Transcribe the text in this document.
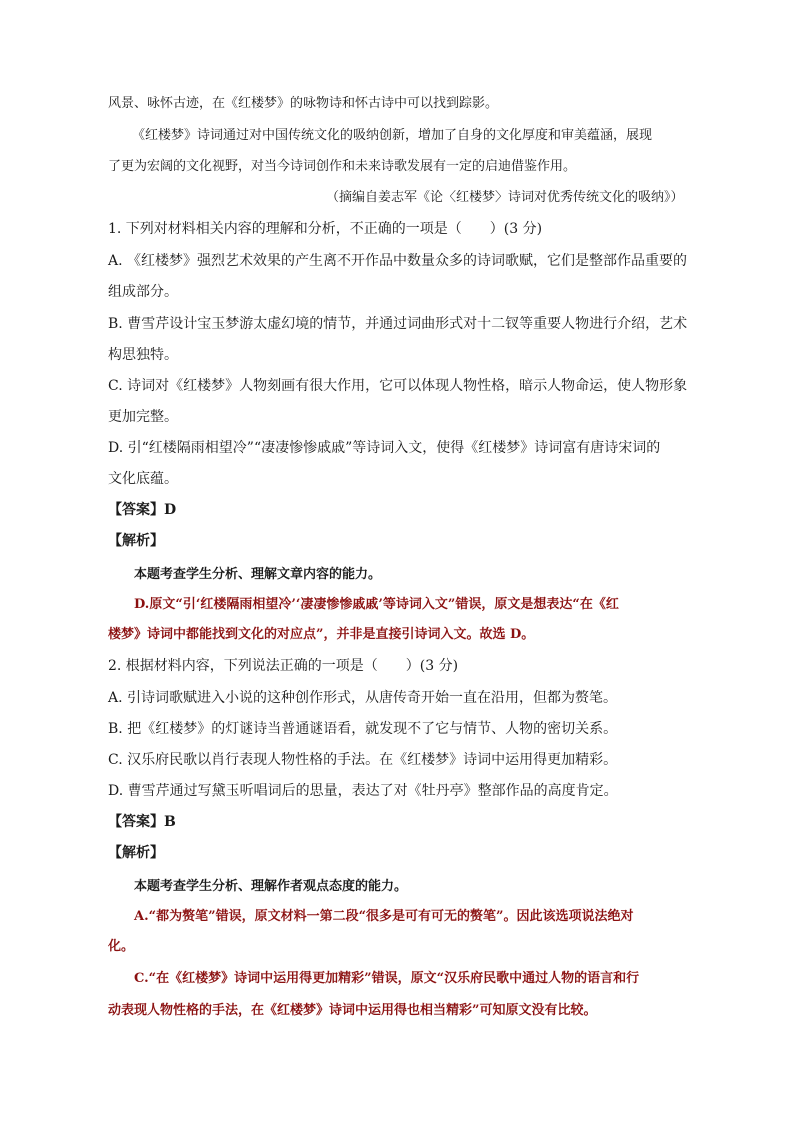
风景、咏怀古迹，在《红楼梦》的咏物诗和怀古诗中可以找到踪影。
《红楼梦》诗词通过对中国传统文化的吸纳创新，增加了自身的文化厚度和审美蕴涵，展现
了更为宏阔的文化视野，对当今诗词创作和未来诗歌发展有一定的启迪借鉴作用。
（摘编自姜志军《论〈红楼梦〉诗词对优秀传统文化的吸纳》）
1. 下列对材料相关内容的理解和分析，不正确的一项是（　　）(3 分)
A. 《红楼梦》强烈艺术效果的产生离不开作品中数量众多的诗词歌赋，它们是整部作品重要的
组成部分。
B. 曹雪芹设计宝玉梦游太虚幻境的情节，并通过词曲形式对十二钗等重要人物进行介绍，艺术
构思独特。
C. 诗词对《红楼梦》人物刻画有很大作用，它可以体现人物性格，暗示人物命运，使人物形象
更加完整。
D. 引“红楼隔雨相望冷”“凄凄惨惨戚戚”等诗词入文，使得《红楼梦》诗词富有唐诗宋词的
文化底蕴。
【答案】D
【解析】
本题考查学生分析、理解文章内容的能力。
D.原文“引‘红楼隔雨相望冷’‘凄凄惨惨戚戚’等诗词入文”错误，原文是想表达“在《红
楼梦》诗词中都能找到文化的对应点”，并非是直接引诗词入文。故选 D。
2. 根据材料内容，下列说法正确的一项是（　　）(3 分)
A. 引诗词歌赋进入小说的这种创作形式，从唐传奇开始一直在沿用，但都为赘笔。
B. 把《红楼梦》的灯谜诗当普通谜语看，就发现不了它与情节、人物的密切关系。
C. 汉乐府民歌以肖行表现人物性格的手法。在《红楼梦》诗词中运用得更加精彩。
D. 曹雪芹通过写黛玉听唱词后的思量，表达了对《牡丹亭》整部作品的高度肯定。
【答案】B
【解析】
本题考查学生分析、理解作者观点态度的能力。
A.“都为赘笔”错误，原文材料一第二段“很多是可有可无的赘笔”。因此该选项说法绝对
化。
C.“在《红楼梦》诗词中运用得更加精彩”错误，原文“汉乐府民歌中通过人物的语言和行
动表现人物性格的手法，在《红楼梦》诗词中运用得也相当精彩”可知原文没有比较。
